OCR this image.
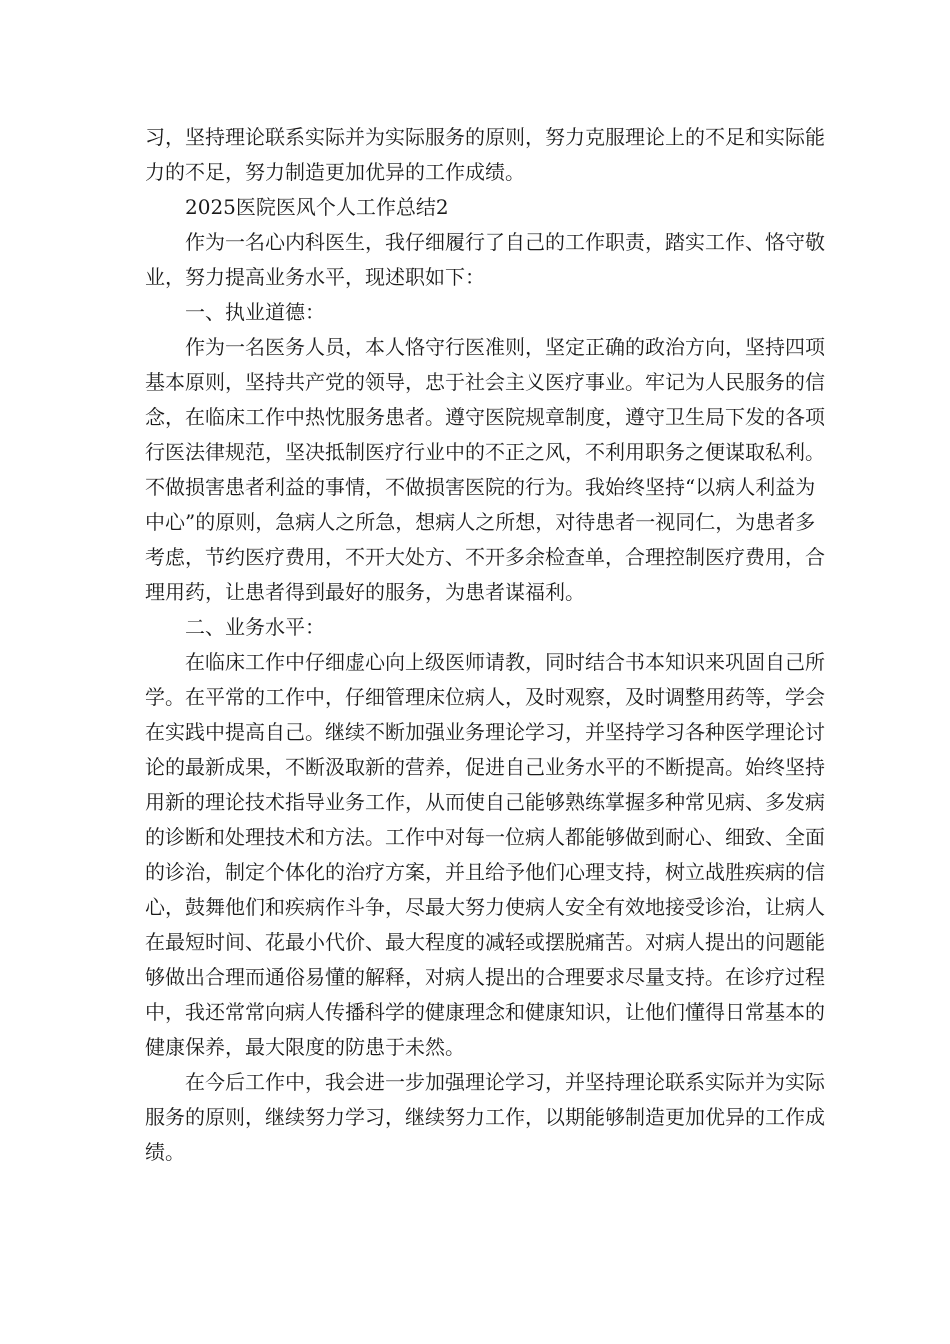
习，坚持理论联系实际并为实际服务的原则，努力克服理论上的不足和实际能
力的不足，努力制造更加优异的工作成绩。
2025医院医风个人工作总结2
作为一名心内科医生，我仔细履行了自己的工作职责，踏实工作、恪守敬
业，努力提高业务水平，现述职如下：
一、执业道德：
作为一名医务人员，本人恪守行医准则，坚定正确的政治方向，坚持四项
基本原则，坚持共产党的领导，忠于社会主义医疗事业。牢记为人民服务的信
念，在临床工作中热忱服务患者。遵守医院规章制度，遵守卫生局下发的各项
行医法律规范，坚决抵制医疗行业中的不正之风，不利用职务之便谋取私利。
不做损害患者利益的事情，不做损害医院的行为。我始终坚持“以病人利益为
中心”的原则，急病人之所急，想病人之所想，对待患者一视同仁，为患者多
考虑，节约医疗费用，不开大处方、不开多余检查单，合理控制医疗费用，合
理用药，让患者得到最好的服务，为患者谋福利。
二、业务水平：
在临床工作中仔细虚心向上级医师请教，同时结合书本知识来巩固自己所
学。在平常的工作中，仔细管理床位病人，及时观察，及时调整用药等，学会
在实践中提高自己。继续不断加强业务理论学习，并坚持学习各种医学理论讨
论的最新成果，不断汲取新的营养，促进自己业务水平的不断提高。始终坚持
用新的理论技术指导业务工作，从而使自己能够熟练掌握多种常见病、多发病
的诊断和处理技术和方法。工作中对每一位病人都能够做到耐心、细致、全面
的诊治，制定个体化的治疗方案，并且给予他们心理支持，树立战胜疾病的信
心，鼓舞他们和疾病作斗争，尽最大努力使病人安全有效地接受诊治，让病人
在最短时间、花最小代价、最大程度的减轻或摆脱痛苦。对病人提出的问题能
够做出合理而通俗易懂的解释，对病人提出的合理要求尽量支持。在诊疗过程
中，我还常常向病人传播科学的健康理念和健康知识，让他们懂得日常基本的
健康保养，最大限度的防患于未然。
在今后工作中，我会进一步加强理论学习，并坚持理论联系实际并为实际
服务的原则，继续努力学习，继续努力工作，以期能够制造更加优异的工作成
绩。
